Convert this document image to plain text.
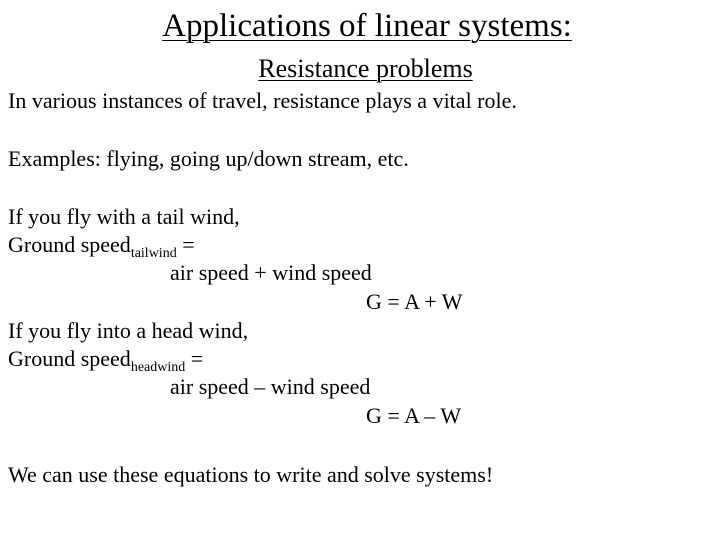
Applications of linear systems:
Resistance problems
In various instances of travel, resistance plays a vital role.
Examples: flying, going up/down stream, etc.
If you fly with a tail wind,
Ground speed$_{tailwind}$ =
air speed + wind speed
G = A + W
If you fly into a head wind,
Ground speed$_{headwind}$ =
air speed – wind speed
G = A – W
We can use these equations to write and solve systems!
